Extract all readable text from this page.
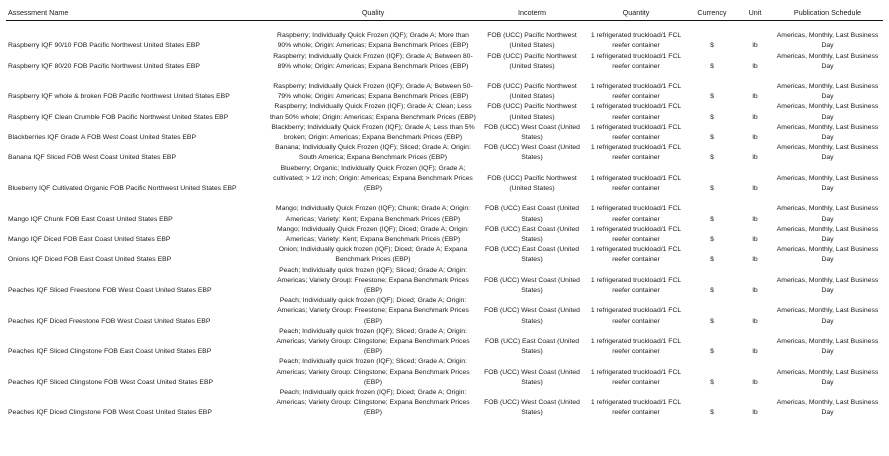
Assessment Name	Quality	Incoterm	Quantity	Currency	Unit	Publication Schedule
Raspberry IQF 90/10 FOB Pacific Northwest United States EBP	Raspberry; Individually Quick Frozen (IQF); Grade A; More than 90% whole; Origin: Americas; Expana Benchmark Prices (EBP)	FOB (UCC) Pacific Northwest (United States)	1 refrigerated truckload/1 FCL reefer container	$	lb	Americas, Monthly, Last Business Day
Raspberry IQF 80/20 FOB Pacific Northwest United States EBP	Raspberry; Individually Quick Frozen (IQF); Grade A; Between 80-89% whole; Origin: Americas; Expana Benchmark Prices (EBP)	FOB (UCC) Pacific Northwest (United States)	1 refrigerated truckload/1 FCL reefer container	$	lb	Americas, Monthly, Last Business Day
Raspberry IQF whole & broken FOB Pacific Northwest United States EBP	Raspberry; Individually Quick Frozen (IQF); Grade A; Between 50-79% whole; Origin: Americas; Expana Benchmark Prices (EBP)	FOB (UCC) Pacific Northwest (United States)	1 refrigerated truckload/1 FCL reefer container	$	lb	Americas, Monthly, Last Business Day
Raspberry IQF Clean Crumble FOB Pacific Northwest United States EBP	Raspberry; Individually Quick Frozen (IQF); Grade A; Clean; Less than 50% whole; Origin: Americas; Expana Benchmark Prices (EBP)	FOB (UCC) Pacific Northwest (United States)	1 refrigerated truckload/1 FCL reefer container	$	lb	Americas, Monthly, Last Business Day
Blackberries IQF Grade A FOB West Coast United States EBP	Blackberry; Individually Quick Frozen (IQF); Grade A; Less than 5% broken; Origin: Americas; Expana Benchmark Prices (EBP)	FOB (UCC) West Coast (United States)	1 refrigerated truckload/1 FCL reefer container	$	lb	Americas, Monthly, Last Business Day
Banana IQF Sliced FOB West Coast United States EBP	Banana; Individually Quick Frozen (IQF); Sliced; Grade A; Origin: South America; Expana Benchmark Prices (EBP)	FOB (UCC) West Coast (United States)	1 refrigerated truckload/1 FCL reefer container	$	lb	Americas, Monthly, Last Business Day
Blueberry IQF Cultivated Organic FOB Pacific Northwest United States EBP	Blueberry; Organic; Individually Quick Frozen (IQF); Grade A; cultivated; > 1/2 inch; Origin: Americas; Expana Benchmark Prices (EBP)	FOB (UCC) Pacific Northwest (United States)	1 refrigerated truckload/1 FCL reefer container	$	lb	Americas, Monthly, Last Business Day
Mango IQF Chunk FOB East Coast United States EBP	Mango; Individually Quick Frozen (IQF); Chunk; Grade A; Origin: Americas; Variety: Kent; Expana Benchmark Prices (EBP)	FOB (UCC) East Coast (United States)	1 refrigerated truckload/1 FCL reefer container	$	lb	Americas, Monthly, Last Business Day
Mango IQF Diced FOB East Coast United States EBP	Mango; Individually Quick Frozen (IQF); Diced; Grade A; Origin: Americas; Variety: Kent; Expana Benchmark Prices (EBP)	FOB (UCC) East Coast (United States)	1 refrigerated truckload/1 FCL reefer container	$	lb	Americas, Monthly, Last Business Day
Onions IQF Diced FOB East Coast United States EBP	Onion; Individually quick frozen (IQF); Diced; Grade A; Expana Benchmark Prices (EBP)	FOB (UCC) East Coast (United States)	1 refrigerated truckload/1 FCL reefer container	$	lb	Americas, Monthly, Last Business Day
Peaches IQF Sliced Freestone FOB West Coast United States EBP	Peach; Individually quick frozen (IQF); Sliced; Grade A; Origin: Americas; Variety Group: Freestone; Expana Benchmark Prices (EBP)	FOB (UCC) West Coast (United States)	1 refrigerated truckload/1 FCL reefer container	$	lb	Americas, Monthly, Last Business Day
Peaches IQF Diced Freestone FOB West Coast United States EBP	Peach; Individually quick frozen (IQF); Diced; Grade A; Origin: Americas; Variety Group: Freestone; Expana Benchmark Prices (EBP)	FOB (UCC) West Coast (United States)	1 refrigerated truckload/1 FCL reefer container	$	lb	Americas, Monthly, Last Business Day
Peaches IQF Sliced Clingstone FOB East Coast United States EBP	Peach; Individually quick frozen (IQF); Sliced; Grade A; Origin: Americas; Variety Group: Clingstone; Expana Benchmark Prices (EBP)	FOB (UCC) East Coast (United States)	1 refrigerated truckload/1 FCL reefer container	$	lb	Americas, Monthly, Last Business Day
Peaches IQF Sliced Clingstone FOB West Coast United States EBP	Peach; Individually quick frozen (IQF); Sliced; Grade A; Origin: Americas; Variety Group: Clingstone; Expana Benchmark Prices (EBP)	FOB (UCC) West Coast (United States)	1 refrigerated truckload/1 FCL reefer container	$	lb	Americas, Monthly, Last Business Day
Peaches IQF Diced Clingstone FOB West Coast United States EBP	Peach; Individually quick frozen (IQF); Diced; Grade A; Origin: Americas; Variety Group: Clingstone; Expana Benchmark Prices (EBP)	FOB (UCC) West Coast (United States)	1 refrigerated truckload/1 FCL reefer container	$	lb	Americas, Monthly, Last Business Day
